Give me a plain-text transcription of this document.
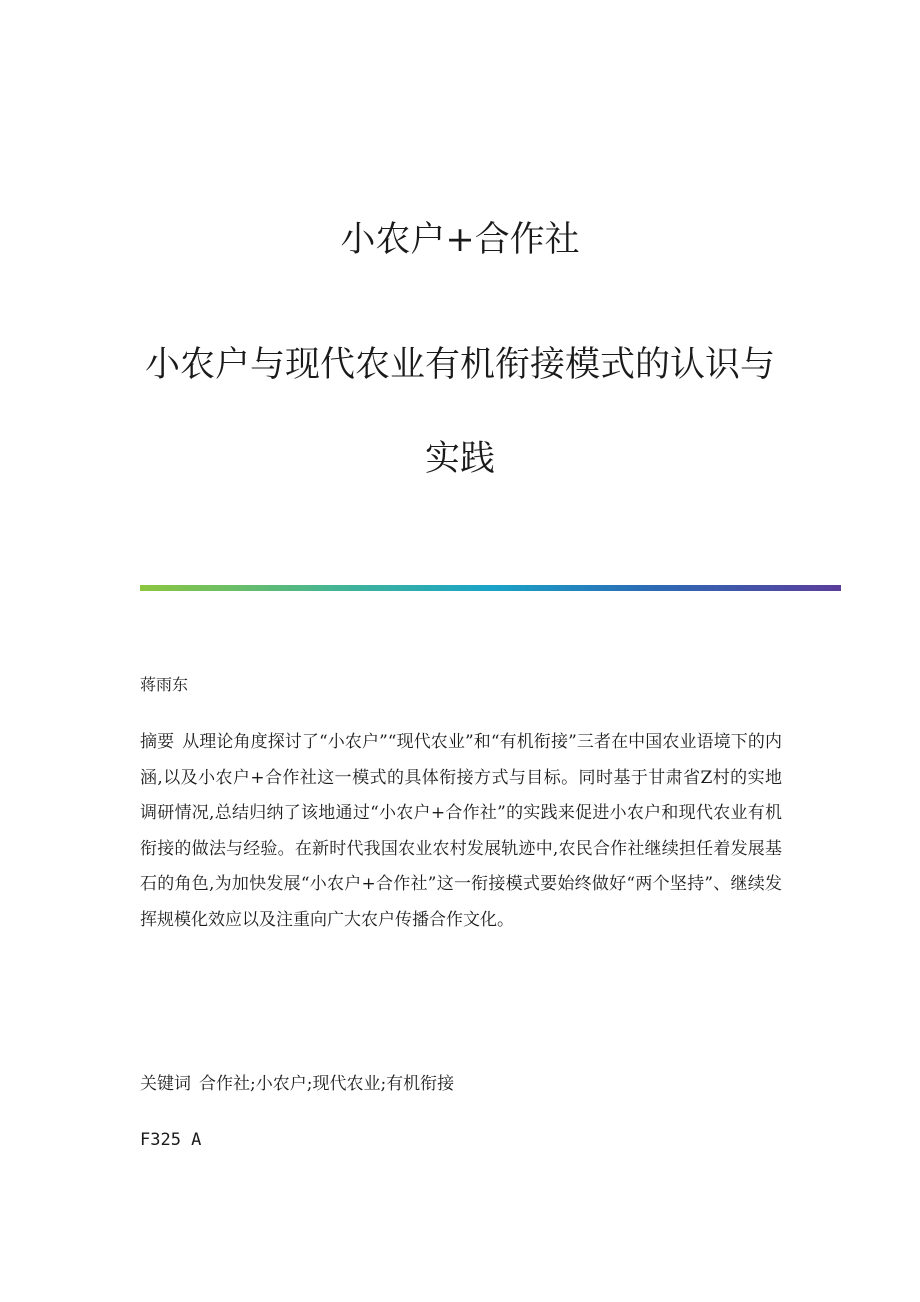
小农户+合作社
小农户与现代农业有机衔接模式的认识与实践

蒋雨东

摘要 从理论角度探讨了“小农户”“现代农业”和“有机衔接”三者在中国农业语境下的内涵,以及小农户+合作社这一模式的具体衔接方式与目标。同时基于甘肃省Z村的实地调研情况,总结归纳了该地通过“小农户+合作社”的实践来促进小农户和现代农业有机衔接的做法与经验。在新时代我国农业农村发展轨迹中,农民合作社继续担任着发展基石的角色,为加快发展“小农户+合作社”这一衔接模式要始终做好“两个坚持”、继续发挥规模化效应以及注重向广大农户传播合作文化。

关键词 合作社;小农户;现代农业;有机衔接

F325 A
